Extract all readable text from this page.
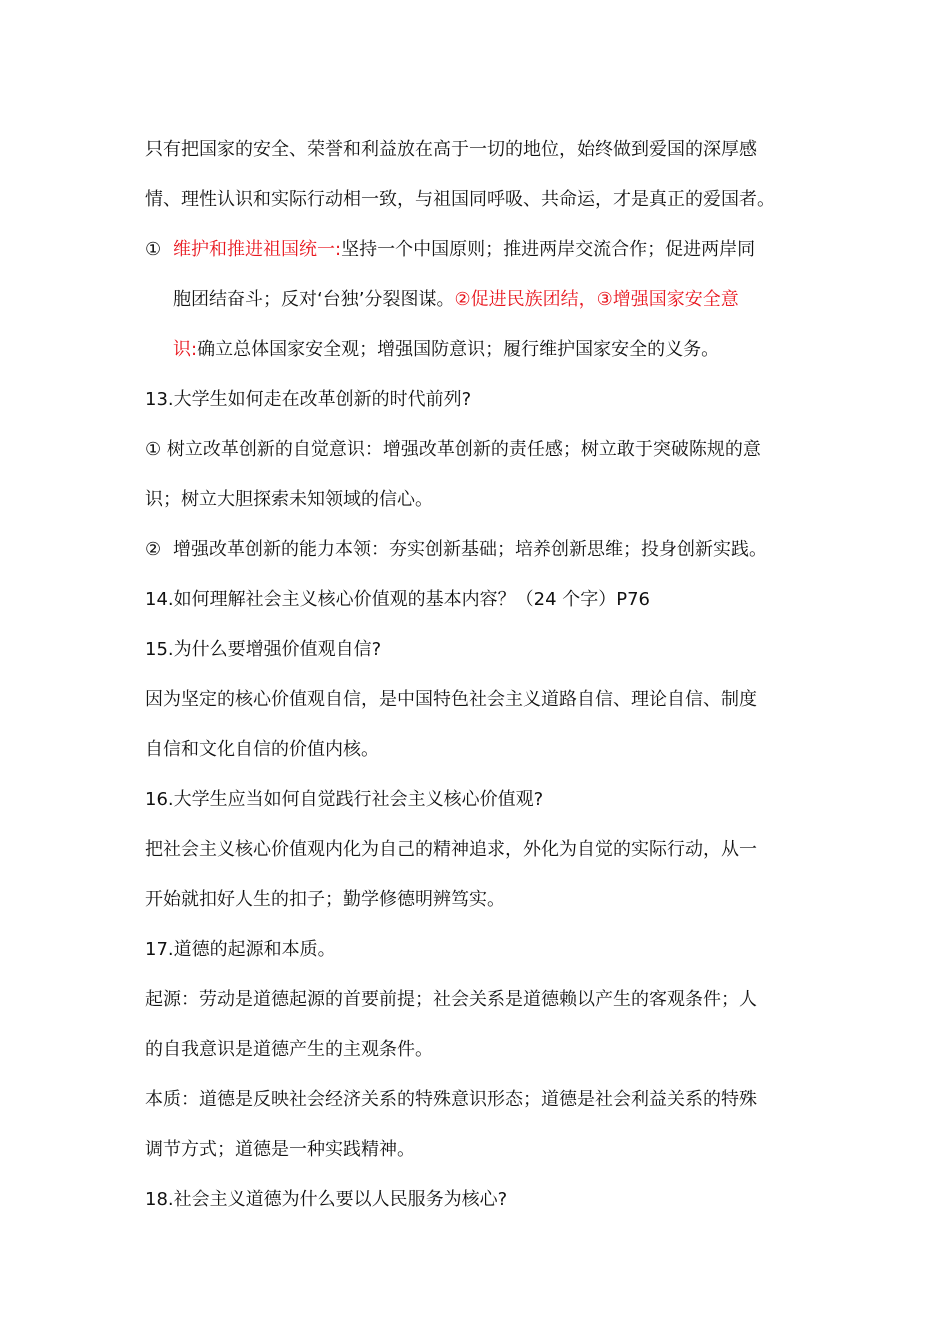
只有把国家的安全、荣誉和利益放在高于一切的地位，始终做到爱国的深厚感
情、理性认识和实际行动相一致，与祖国同呼吸、共命运，才是真正的爱国者。
① 维护和推进祖国统一:坚持一个中国原则；推进两岸交流合作；促进两岸同
胞团结奋斗；反对‘台独’分裂图谋。②促进民族团结，③增强国家安全意
识:确立总体国家安全观；增强国防意识；履行维护国家安全的义务。
13.大学生如何走在改革创新的时代前列?
① 树立改革创新的自觉意识：增强改革创新的责任感；树立敢于突破陈规的意
识；树立大胆探索未知领域的信心。
② 增强改革创新的能力本领：夯实创新基础；培养创新思维；投身创新实践。
14.如何理解社会主义核心价值观的基本内容？（24 个字）P76
15.为什么要增强价值观自信?
因为坚定的核心价值观自信，是中国特色社会主义道路自信、理论自信、制度
自信和文化自信的价值内核。
16.大学生应当如何自觉践行社会主义核心价值观?
把社会主义核心价值观内化为自己的精神追求，外化为自觉的实际行动，从一
开始就扣好人生的扣子；勤学修德明辨笃实。
17.道德的起源和本质。
起源：劳动是道德起源的首要前提；社会关系是道德赖以产生的客观条件；人
的自我意识是道德产生的主观条件。
本质：道德是反映社会经济关系的特殊意识形态；道德是社会利益关系的特殊
调节方式；道德是一种实践精神。
18.社会主义道德为什么要以人民服务为核心?
